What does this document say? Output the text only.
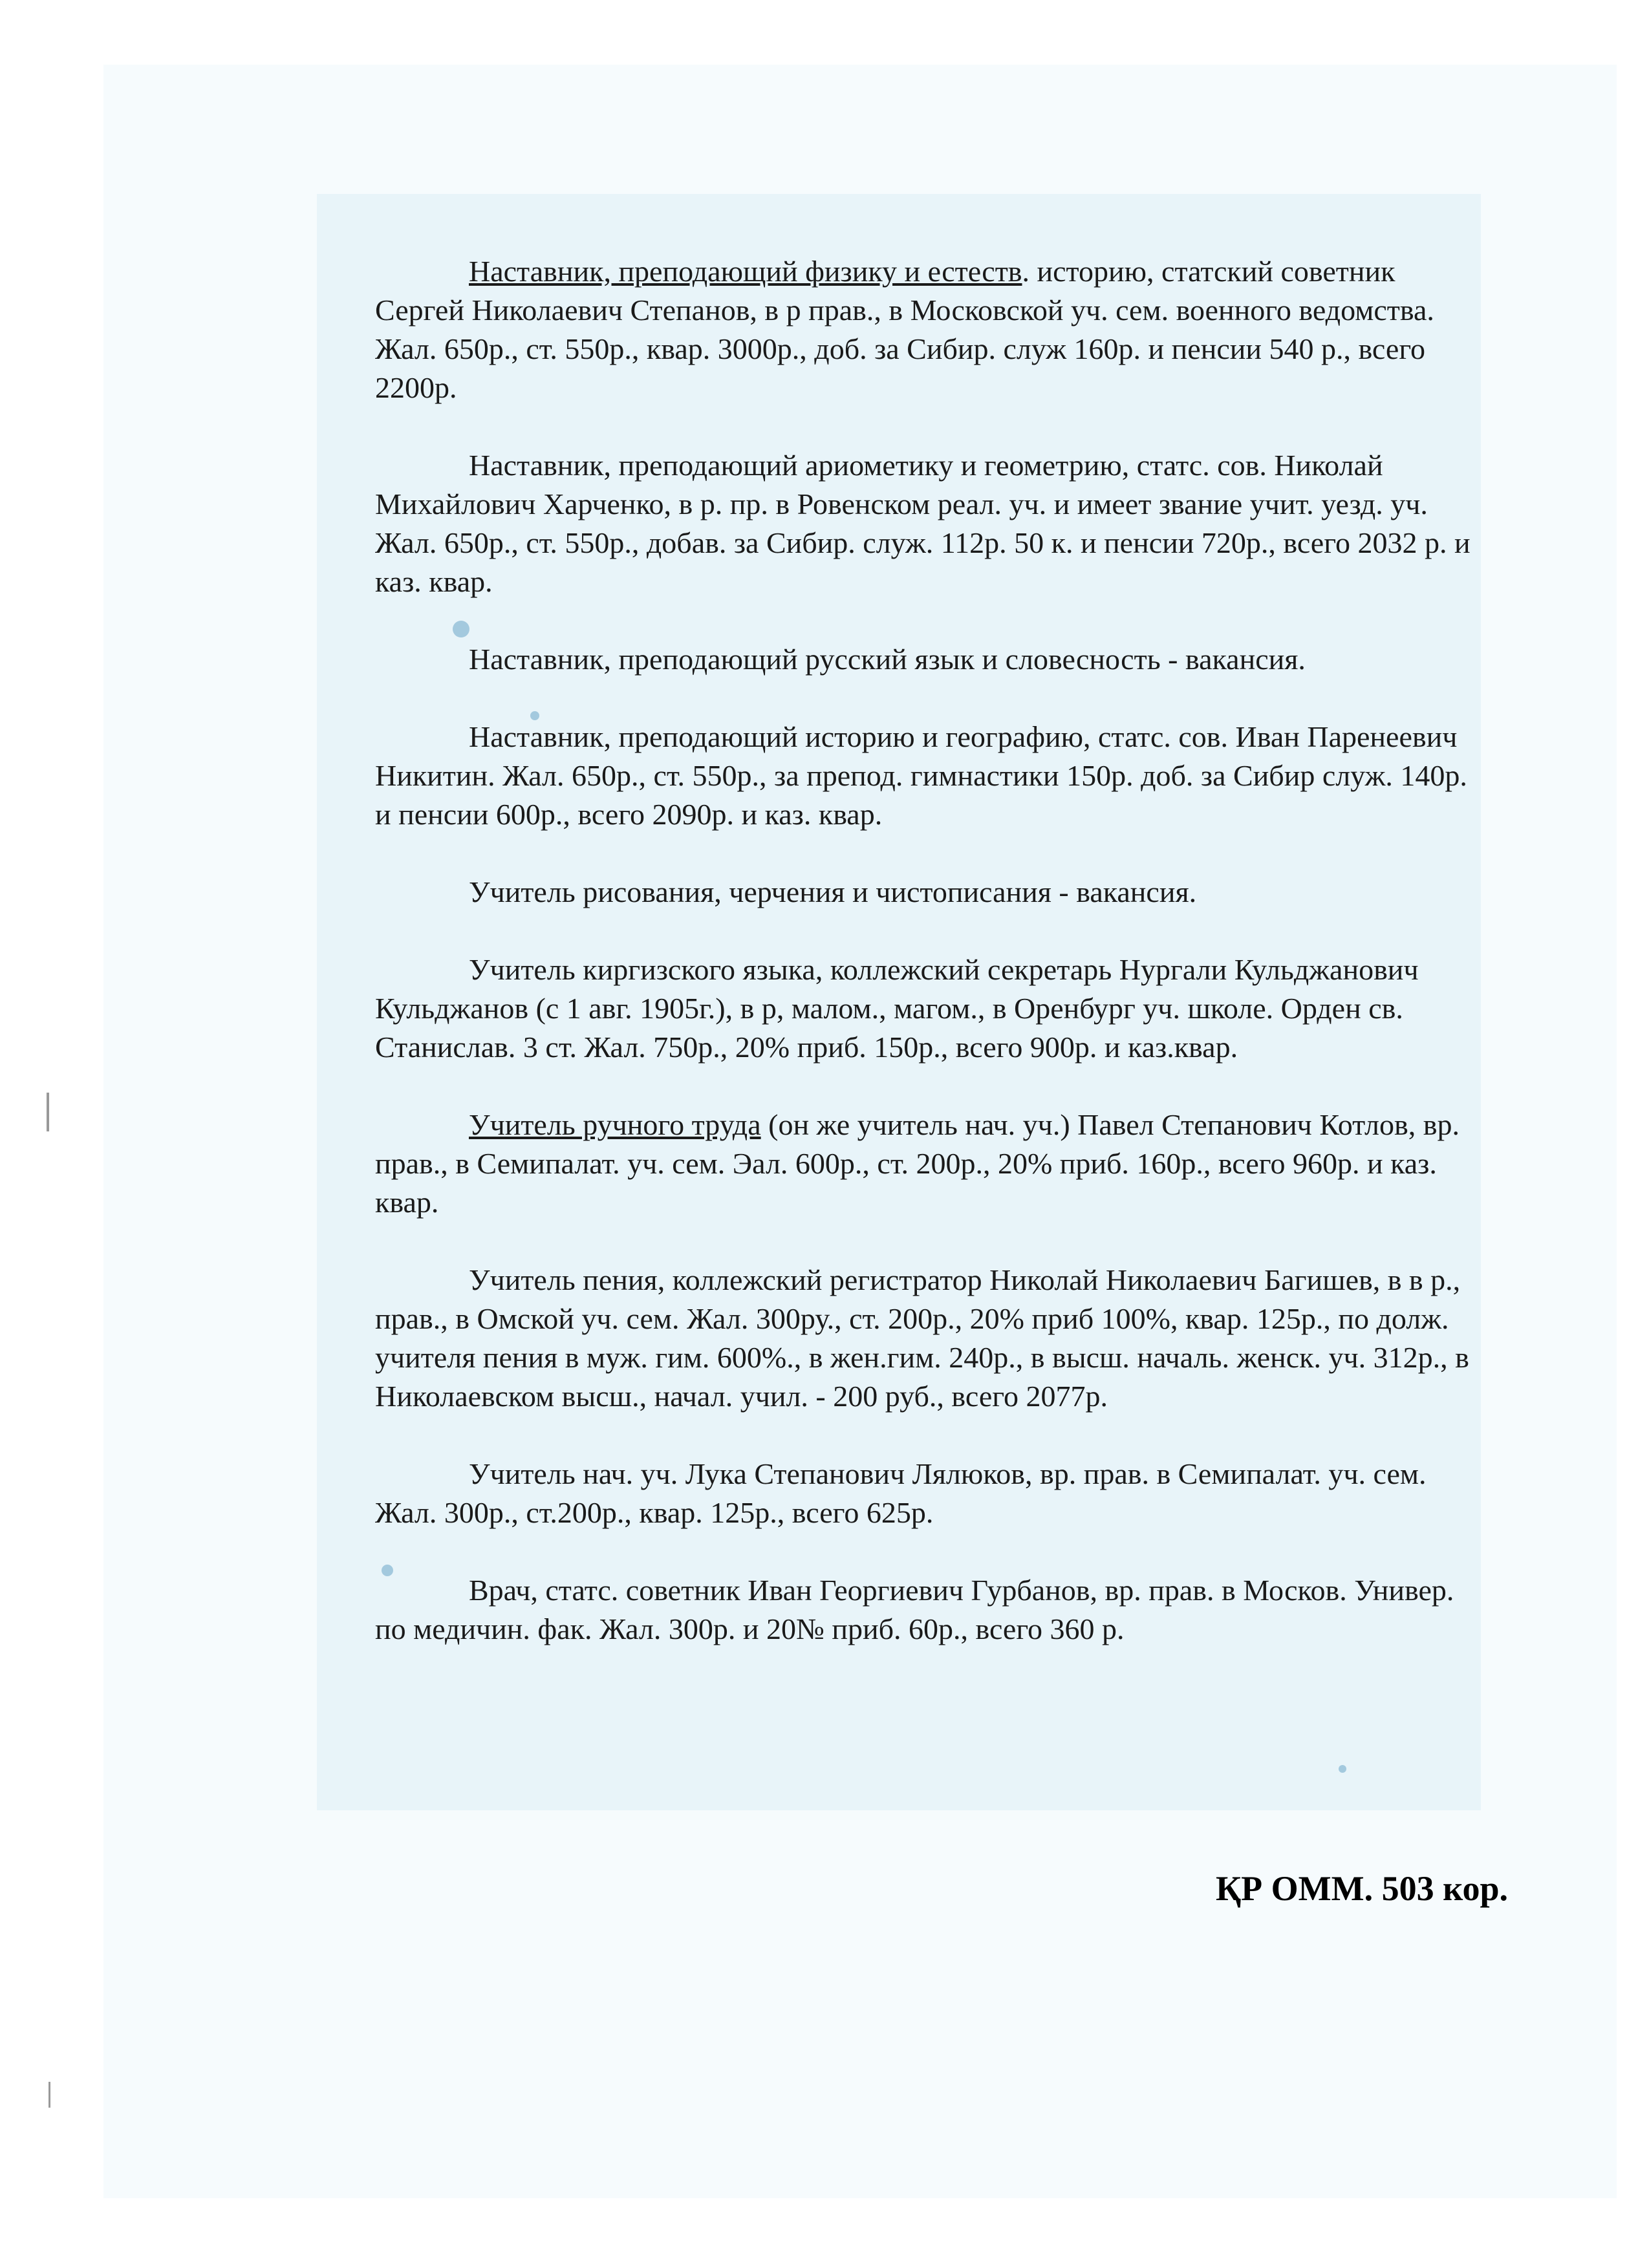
Наставник, преподающий физику и естеств. историю, статский советник Сергей Николаевич Степанов, в р прав., в Московской уч. сем. военного ведомства. Жал. 650р., ст. 550р., квар. 3000р., доб. за Сибир. служ 160р. и пенсии 540 р., всего 2200р.

Наставник, преподающий ариометику и геометрию, статс. сов. Николай Михайлович Харченко, в р. пр. в Ровенском реал. уч. и имеет звание учит. уезд. уч. Жал. 650р., ст. 550р., добав. за Сибир. служ. 112р. 50 к. и пенсии 720р., всего 2032 р. и каз. квар.

Наставник, преподающий русский язык и словесность - вакансия.

Наставник, преподающий историю и географию, статс. сов. Иван Паренеевич Никитин. Жал. 650р., ст. 550р., за препод. гимнастики 150р. доб. за Сибир служ. 140р. и пенсии 600р., всего 2090р. и каз. квар.

Учитель рисования, черчения и чистописания - вакансия.

Учитель киргизского языка, коллежский секретарь Нургали Кульджанович Кульджанов (с 1 авг. 1905г.), в р, малом., магом., в Оренбург уч. школе. Орден св. Станислав. 3 ст. Жал. 750р., 20% приб. 150р., всего 900р. и каз.квар.

Учитель ручного труда (он же учитель нач. уч.) Павел Степанович Котлов, вр. прав., в Семипалат. уч. сем. Эал. 600р., ст. 200р., 20% приб. 160р., всего 960р. и каз. квар.

Учитель пения, коллежский регистратор Николай Николаевич Багишев, в в р., прав., в Омской уч. сем. Жал. 300ру., ст. 200р., 20% приб 100%, квар. 125р., по долж. учителя пения в муж. гим. 600%., в жен.гим. 240р., в высш. началь. женск. уч. 312р., в Николаевском высш., начал. учил. - 200 руб., всего 2077р.

Учитель нач. уч. Лука Степанович Лялюков, вр. прав. в Семипалат. уч. сем. Жал. 300р., ст.200р., квар. 125р., всего 625р.

Врач, статс. советник Иван Георгиевич Гурбанов, вр. прав. в Москов. Универ. по медичин. фак. Жал. 300р. и 20№ приб. 60р., всего 360 р.

ҚР ОММ. 503 кор.
